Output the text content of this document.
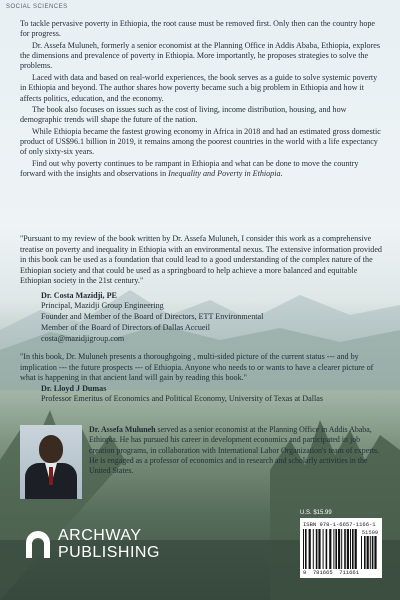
SOCIAL SCIENCES

To tackle pervasive poverty in Ethiopia, the root cause must be removed first. Only then can the country hope for progress.

Dr. Assefa Muluneh, formerly a senior economist at the Planning Office in Addis Ababa, Ethiopia, explores the dimensions and prevalence of poverty in Ethiopia. More importantly, he proposes strategies to solve the problems.

Laced with data and based on real-world experiences, the book serves as a guide to solve systemic poverty in Ethiopia and beyond. The author shares how poverty became such a big problem in Ethiopia and how it affects politics, education, and the economy.

The book also focuses on issues such as the cost of living, income distribution, housing, and how demographic trends will shape the future of the nation.

While Ethiopia became the fastest growing economy in Africa in 2018 and had an estimated gross domestic product of US$96.1 billion in 2019, it remains among the poorest countries in the world with a life expectancy of only sixty-six years.

Find out why poverty continues to be rampant in Ethiopia and what can be done to move the country forward with the insights and observations in Inequality and Poverty in Ethiopia.

"Pursuant to my review of the book written by Dr. Assefa Muluneh, I consider this work as a comprehensive treatise on poverty and inequality in Ethiopia with an environmental nexus. The extensive information provided in this book can be used as a foundation that could lead to a good understanding of the complex nature of the Ethiopian society and that could be used as a springboard to help achieve a more balanced and equitable Ethiopian society in the 21st century."

Dr. Costa Mazidji, PE
Principal, Mazidji Group Engineering
Founder and Member of the Board of Directors, ETT Environmental
Member of the Board of Directors of Dallas Accueil
costa@mazidjigroup.com

"In this book, Dr. Muluneh presents a thoroughgoing , multi-sided picture of the current status --- and by implication --- the future prospects --- of Ethiopia. Anyone who needs to or wants to have a clearer picture of what is happening in that ancient land will gain by reading this book."

Dr. Lloyd J Dumas
Professor Emeritus of Economics and Political Economy, University of Texas at Dallas
Dr. Assefa Muluneh served as a senior economist at the Planning Office in Addis Ababa, Ethiopia. He has pursued his career in development economics and participated in job creation programs, in collaboration with International Labor Organization's team of experts. He is engaged as a professor of economics and in research and scholarly activities in the United States.
ARCHWAY
PUBLISHING
U.S. $15.99
ISBN 978-1-6657-1166-1
51599
9 781665 711661
